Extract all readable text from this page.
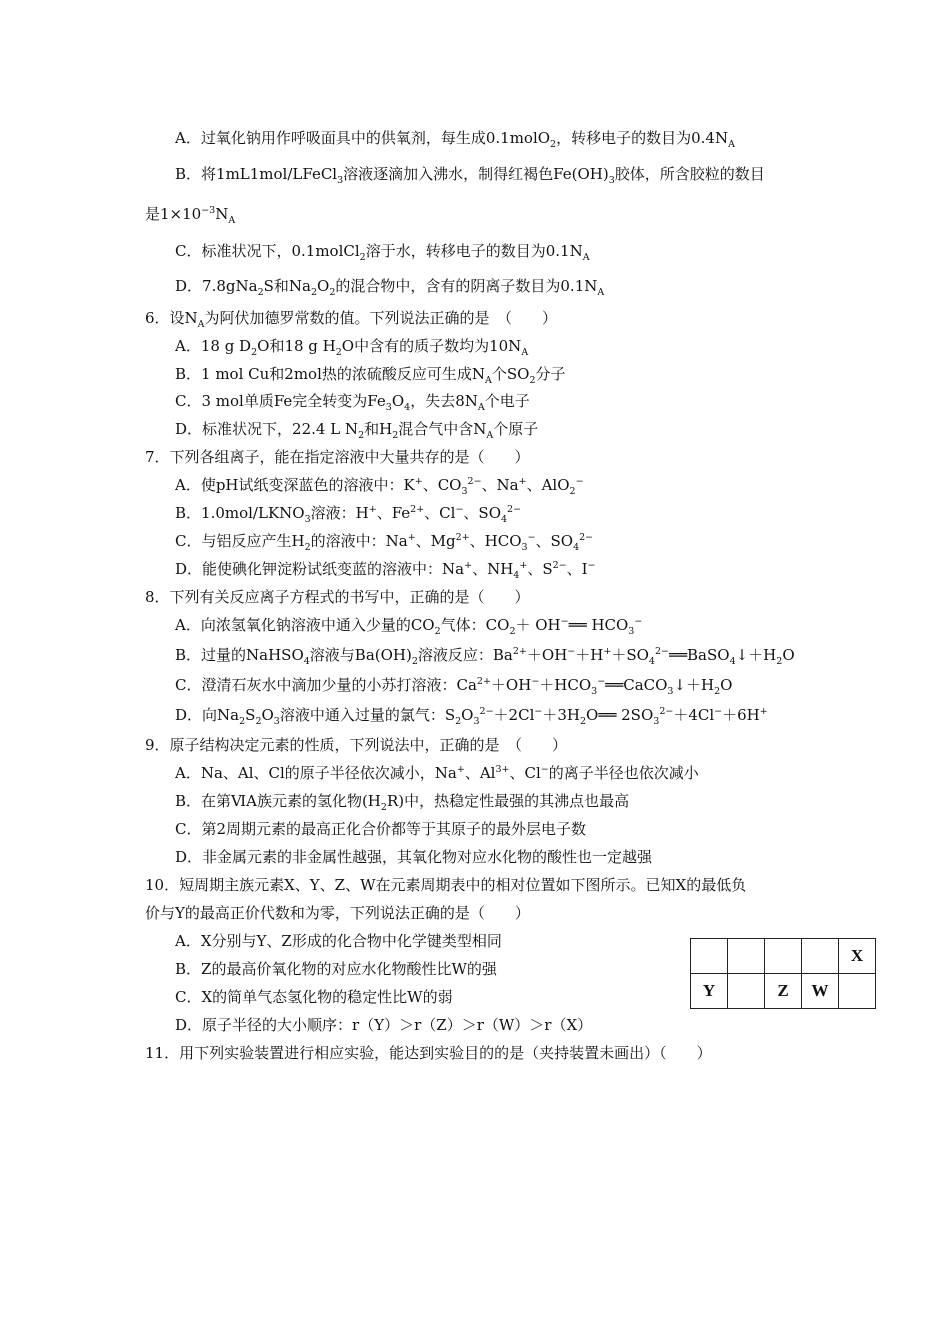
A．过氧化钠用作呼吸面具中的供氧剂，每生成0.1molO$_2$，转移电子的数目为$0.4N_A$
B．将1mL1mol/LFeCl$_3$溶液逐滴加入沸水，制得红褐色$Fe(OH)_3$胶体，所含胶粒的数目
是$1\times 10^{-3}N_A$
C．标准状况下，0.1molCl$_2$溶于水，转移电子的数目为$0.1N_A$
D．7.8gNa$_2$S和$Na_2O_2$的混合物中，含有的阴离子数目为$0.1N_A$
6．设$N_A$为阿伏加德罗常数的值。下列说法正确的是　（　　）
A．18 g $D_2O$和18 g $H_2O$中含有的质子数均为$10N_A$
B．1 mol Cu和2mol热的浓硫酸反应可生成$N_A$个$SO_2$分子
C．3 mol单质Fe完全转变为$Fe_3O_4$，失去$8N_A$个电子
D．标准状况下，22.4 L $N_2$和$H_2$混合气中含$N_A$个原子
7．下列各组离子，能在指定溶液中大量共存的是（　　）
A．使pH试纸变深蓝色的溶液中：K+、$CO_3^{2-}$、Na+、AlO$_2$−
B．$1.0mol/LKNO_3$溶液：H+、$Fe^{2+}$、Cl−、$SO_4^{2-}$
C．与铝反应产生$H_2$的溶液中：Na+、$Mg^{2+}$、$HCO_3^-$、$SO_4^{2-}$
D．能使碘化钾淀粉试纸变蓝的溶液中：Na+、$NH_4^+$、$S^{2-}$、I−
8．下列有关反应离子方程式的书写中，正确的是（　　）
A．向浓氢氧化钠溶液中通入少量的$CO_2$气体：$CO_2+$ OH−══ $HCO_3^-$
B．过量的NaHSO$_4$溶液与$Ba(OH)_2$溶液反应：$Ba^{2+}+OH^-+H^++SO_4^{2-}══BaSO_4↓+H_2O$
C．澄清石灰水中滴加少量的小苏打溶液：$Ca^{2+}+OH^-+HCO_3^-══CaCO_3↓+H_2O$
D．向$Na_2S_2O_3$溶液中通入过量的氯气：$S_2O_3^{2-}+2Cl^-+3H_2O══$ $2SO_3^{2-}+4Cl^-+6H^+$
9．原子结构决定元素的性质，下列说法中，正确的是　（　　）
A．Na、Al、Cl的原子半径依次减小，Na+、$Al^{3+}$、Cl−的离子半径也依次减小
B．在第ⅥA族元素的氢化物$(H_2R)$中，热稳定性最强的其沸点也最高
C．第2周期元素的最高正化合价都等于其原子的最外层电子数
D．非金属元素的非金属性越强，其氧化物对应水化物的酸性也一定越强
10．短周期主族元素X、Y、Z、W在元素周期表中的相对位置如下图所示。已知X的最低负
价与Y的最高正价代数和为零，下列说法正确的是（　　）
A．X分别与Y、Z形成的化合物中化学键类型相同
B．Z的最高价氧化物的对应水化物酸性比W的强
C．X的简单气态氢化物的稳定性比W的弱
D．原子半径的大小顺序：r（Y）＞r（Z）＞r（W）＞r（X）
				X
Y		Z	W	
11．用下列实验装置进行相应实验，能达到实验目的的是（夹持装置未画出）（　　）
